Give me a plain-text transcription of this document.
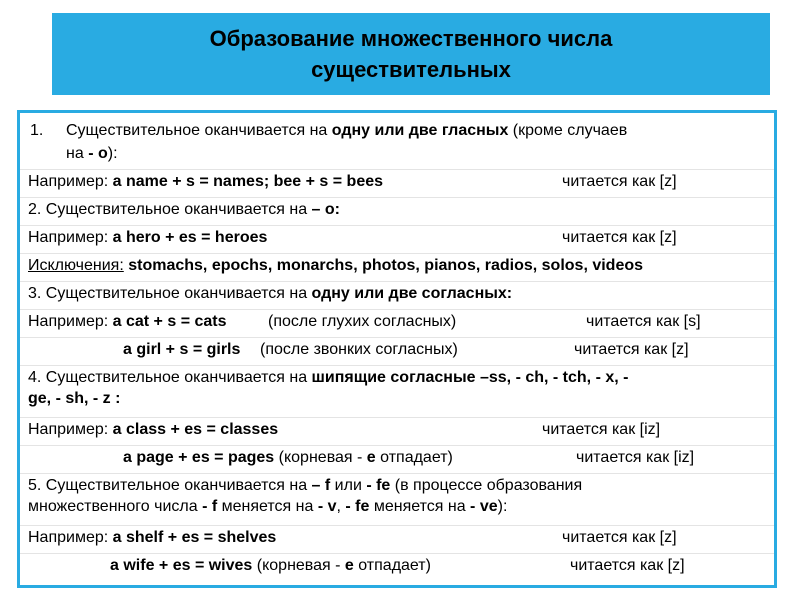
Образование множественного числа
существительных
1. Существительное оканчивается на одну или две гласных (кроме случаев
на - o):
Например: a name + s = names; bee + s = bees	читается как [z]
2. Существительное оканчивается на – o:
Например: a hero + es = heroes	читается как [z]
Исключения: stomachs, epochs, monarchs, photos, pianos, radios, solos, videos
3. Существительное оканчивается на одну или две согласных:
Например: a cat + s = cats	(после глухих согласных)	читается как [s]
a girl + s = girls (после звонких согласных)	читается как [z]
4. Существительное оканчивается на шипящие согласные –ss, - ch, - tch, - x, -
ge, - sh, - z :
Например: a class + es = classes	читается как [iz]
a page + es = pages (корневая - e отпадает)	читается как [iz]
5. Существительное оканчивается на – f или - fe (в процессе образования
множественного числа - f меняется на - v, - fe меняется на - ve):
Например: a shelf + es = shelves	читается как [z]
a wife + es = wives (корневая - e отпадает)	читается как [z]
